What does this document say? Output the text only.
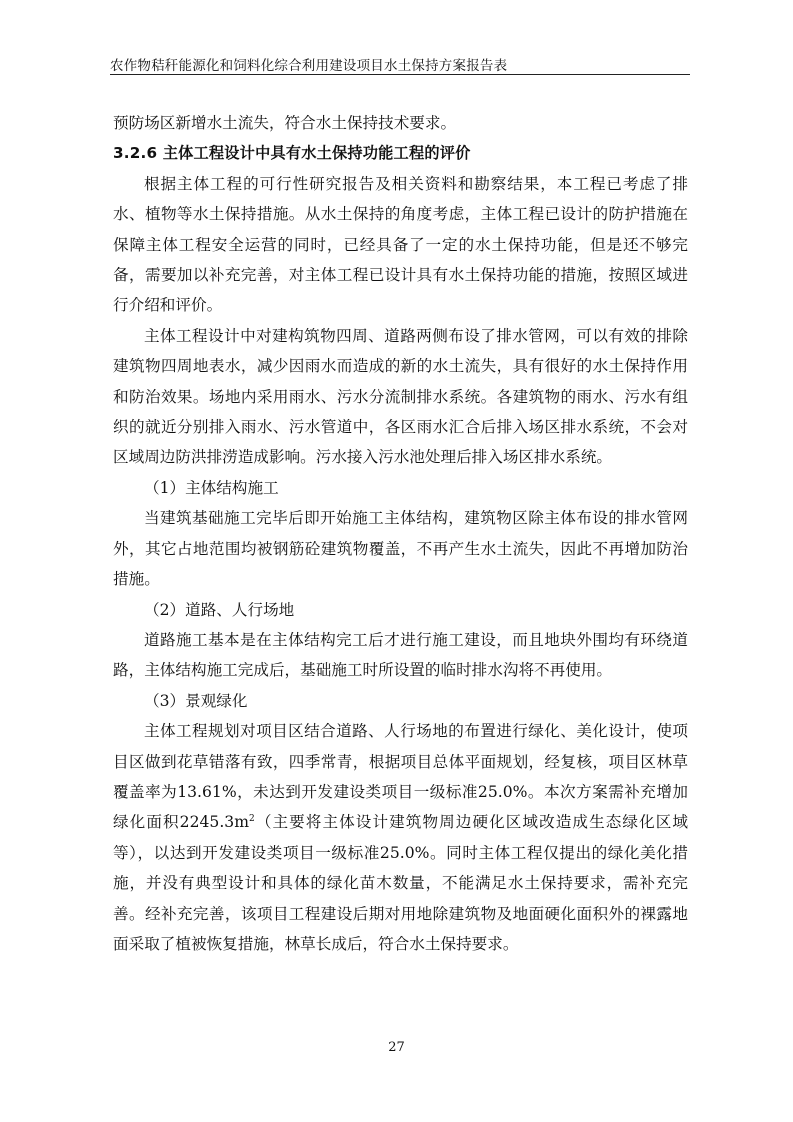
农作物秸秆能源化和饲料化综合利用建设项目水土保持方案报告表

预防场区新增水土流失，符合水土保持技术要求。

3.2.6 主体工程设计中具有水土保持功能工程的评价

根据主体工程的可行性研究报告及相关资料和勘察结果，本工程已考虑了排水、植物等水土保持措施。从水土保持的角度考虑，主体工程已设计的防护措施在保障主体工程安全运营的同时，已经具备了一定的水土保持功能，但是还不够完备，需要加以补充完善，对主体工程已设计具有水土保持功能的措施，按照区域进行介绍和评价。

主体工程设计中对建构筑物四周、道路两侧布设了排水管网，可以有效的排除建筑物四周地表水，减少因雨水而造成的新的水土流失，具有很好的水土保持作用和防治效果。场地内采用雨水、污水分流制排水系统。各建筑物的雨水、污水有组织的就近分别排入雨水、污水管道中，各区雨水汇合后排入场区排水系统，不会对区域周边防洪排涝造成影响。污水接入污水池处理后排入场区排水系统。

（1）主体结构施工

当建筑基础施工完毕后即开始施工主体结构，建筑物区除主体布设的排水管网外，其它占地范围均被钢筋砼建筑物覆盖，不再产生水土流失，因此不再增加防治措施。

（2）道路、人行场地

道路施工基本是在主体结构完工后才进行施工建设，而且地块外围均有环绕道路，主体结构施工完成后，基础施工时所设置的临时排水沟将不再使用。

（3）景观绿化

主体工程规划对项目区结合道路、人行场地的布置进行绿化、美化设计，使项目区做到花草错落有致，四季常青，根据项目总体平面规划，经复核，项目区林草覆盖率为13.61%，未达到开发建设类项目一级标准25.0%。本次方案需补充增加绿化面积$2245.3m^2$（主要将主体设计建筑物周边硬化区域改造成生态绿化区域等），以达到开发建设类项目一级标准25.0%。同时主体工程仅提出的绿化美化措施，并没有典型设计和具体的绿化苗木数量，不能满足水土保持要求，需补充完善。经补充完善，该项目工程建设后期对用地除建筑物及地面硬化面积外的裸露地面采取了植被恢复措施，林草长成后，符合水土保持要求。

27
